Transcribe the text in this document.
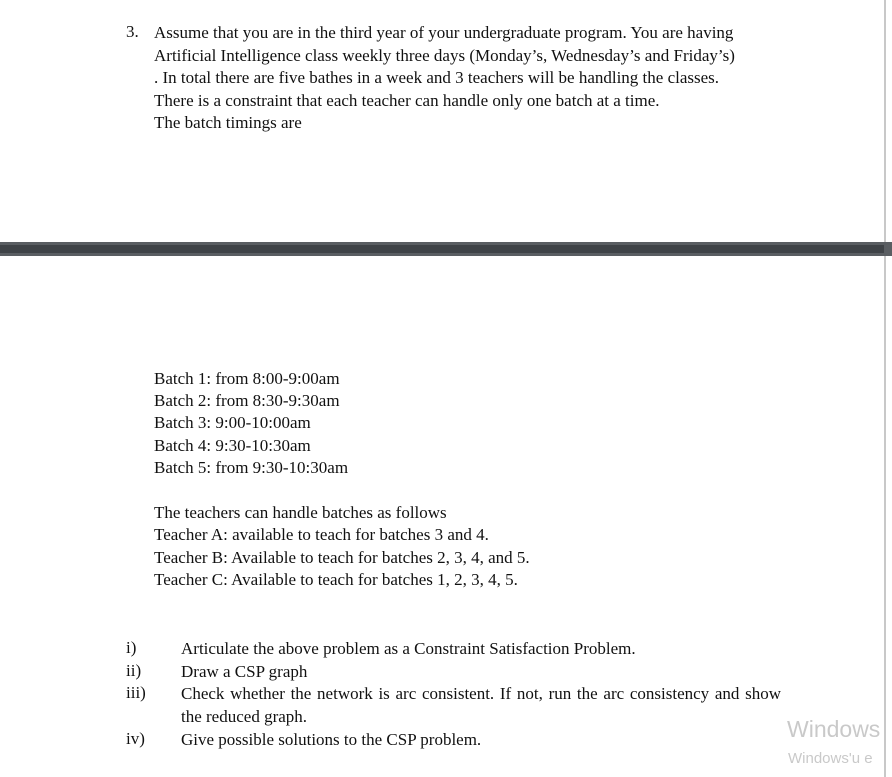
3. Assume that you are in the third year of your undergraduate program. You are having

Artificial Intelligence class weekly three days (Monday’s, Wednesday’s and Friday’s)

. In total there are five bathes in a week and 3 teachers will be handling the classes.

There is a constraint that each teacher can handle only one batch at a time.

The batch timings are

Batch 1: from 8:00-9:00am
Batch 2: from 8:30-9:30am
Batch 3: 9:00-10:00am
Batch 4: 9:30-10:30am
Batch 5: from 9:30-10:30am
The teachers can handle batches as follows
Teacher A: available to teach for batches 3 and 4.
Teacher B: Available to teach for batches 2, 3, 4, and 5.
Teacher C: Available to teach for batches 1, 2, 3, 4, 5.
i)	Articulate the above problem as a Constraint Satisfaction Problem.
ii) Draw a CSP graph
iii) Check whether the network is arc consistent. If not, run the arc consistency and show the reduced graph.
iv) Give possible solutions to the CSP problem.	Windows
Windows'u e
